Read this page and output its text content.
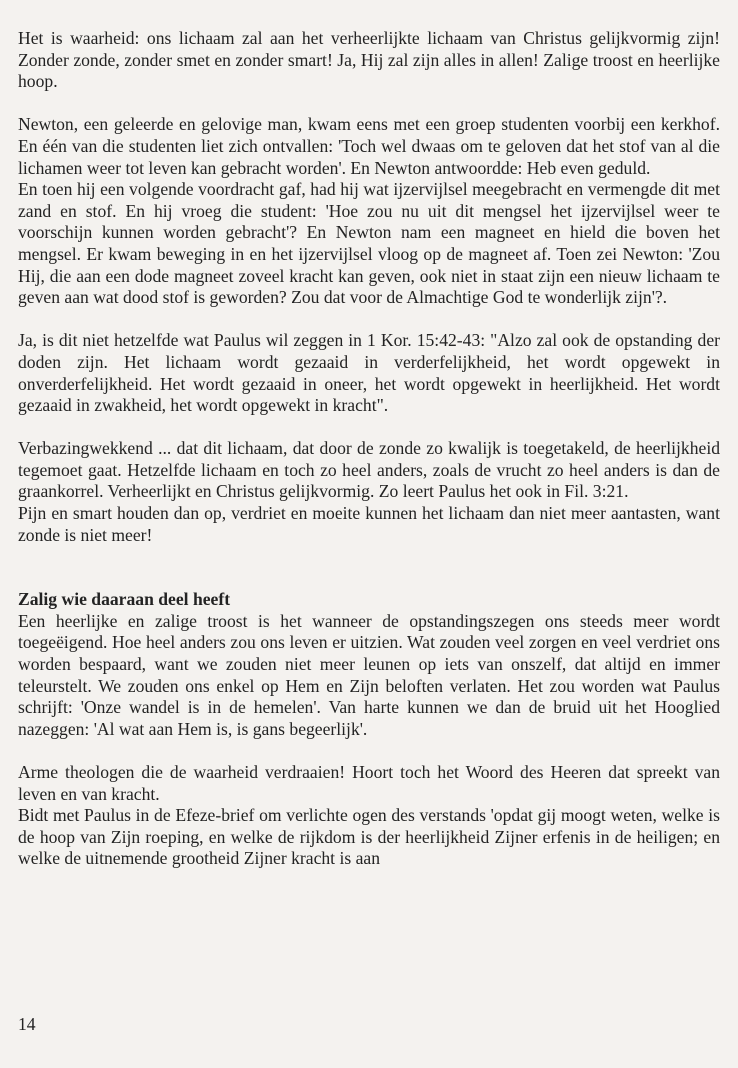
Het is waarheid: ons lichaam zal aan het verheerlijkte lichaam van Christus gelijkvormig zijn! Zonder zonde, zonder smet en zonder smart! Ja, Hij zal zijn alles in allen! Zalige troost en heerlijke hoop.

Newton, een geleerde en gelovige man, kwam eens met een groep studenten voorbij een kerkhof. En één van die studenten liet zich ontvallen: 'Toch wel dwaas om te geloven dat het stof van al die lichamen weer tot leven kan gebracht worden'. En Newton antwoordde: Heb even geduld.

En toen hij een volgende voordracht gaf, had hij wat ijzervijlsel meegebracht en vermengde dit met zand en stof. En hij vroeg die student: 'Hoe zou nu uit dit mengsel het ijzervijlsel weer te voorschijn kunnen worden gebracht'? En Newton nam een magneet en hield die boven het mengsel. Er kwam beweging in en het ijzervijlsel vloog op de magneet af. Toen zei Newton: 'Zou Hij, die aan een dode magneet zoveel kracht kan geven, ook niet in staat zijn een nieuw lichaam te geven aan wat dood stof is geworden? Zou dat voor de Almachtige God te wonderlijk zijn'?.

Ja, is dit niet hetzelfde wat Paulus wil zeggen in 1 Kor. 15:42-43: "Alzo zal ook de opstanding der doden zijn. Het lichaam wordt gezaaid in verderfelijkheid, het wordt opgewekt in onverderfelijkheid. Het wordt gezaaid in oneer, het wordt opgewekt in heerlijkheid. Het wordt gezaaid in zwakheid, het wordt opgewekt in kracht".

Verbazingwekkend ... dat dit lichaam, dat door de zonde zo kwalijk is toegetakeld, de heerlijkheid tegemoet gaat. Hetzelfde lichaam en toch zo heel anders, zoals de vrucht zo heel anders is dan de graankorrel. Verheerlijkt en Christus gelijkvormig. Zo leert Paulus het ook in Fil. 3:21.

Pijn en smart houden dan op, verdriet en moeite kunnen het lichaam dan niet meer aantasten, want zonde is niet meer!

Zalig wie daaraan deel heeft

Een heerlijke en zalige troost is het wanneer de opstandingszegen ons steeds meer wordt toegeëigend. Hoe heel anders zou ons leven er uitzien. Wat zouden veel zorgen en veel verdriet ons worden bespaard, want we zouden niet meer leunen op iets van onszelf, dat altijd en immer teleurstelt. We zouden ons enkel op Hem en Zijn beloften verlaten. Het zou worden wat Paulus schrijft: 'Onze wandel is in de hemelen'. Van harte kunnen we dan de bruid uit het Hooglied nazeggen: 'Al wat aan Hem is, is gans begeerlijk'.

Arme theologen die de waarheid verdraaien! Hoort toch het Woord des Heeren dat spreekt van leven en van kracht.

Bidt met Paulus in de Efeze-brief om verlichte ogen des verstands 'opdat gij moogt weten, welke is de hoop van Zijn roeping, en welke de rijkdom is der heerlijkheid Zijner erfenis in de heiligen; en welke de uitnemende grootheid Zijner kracht is aan

14
